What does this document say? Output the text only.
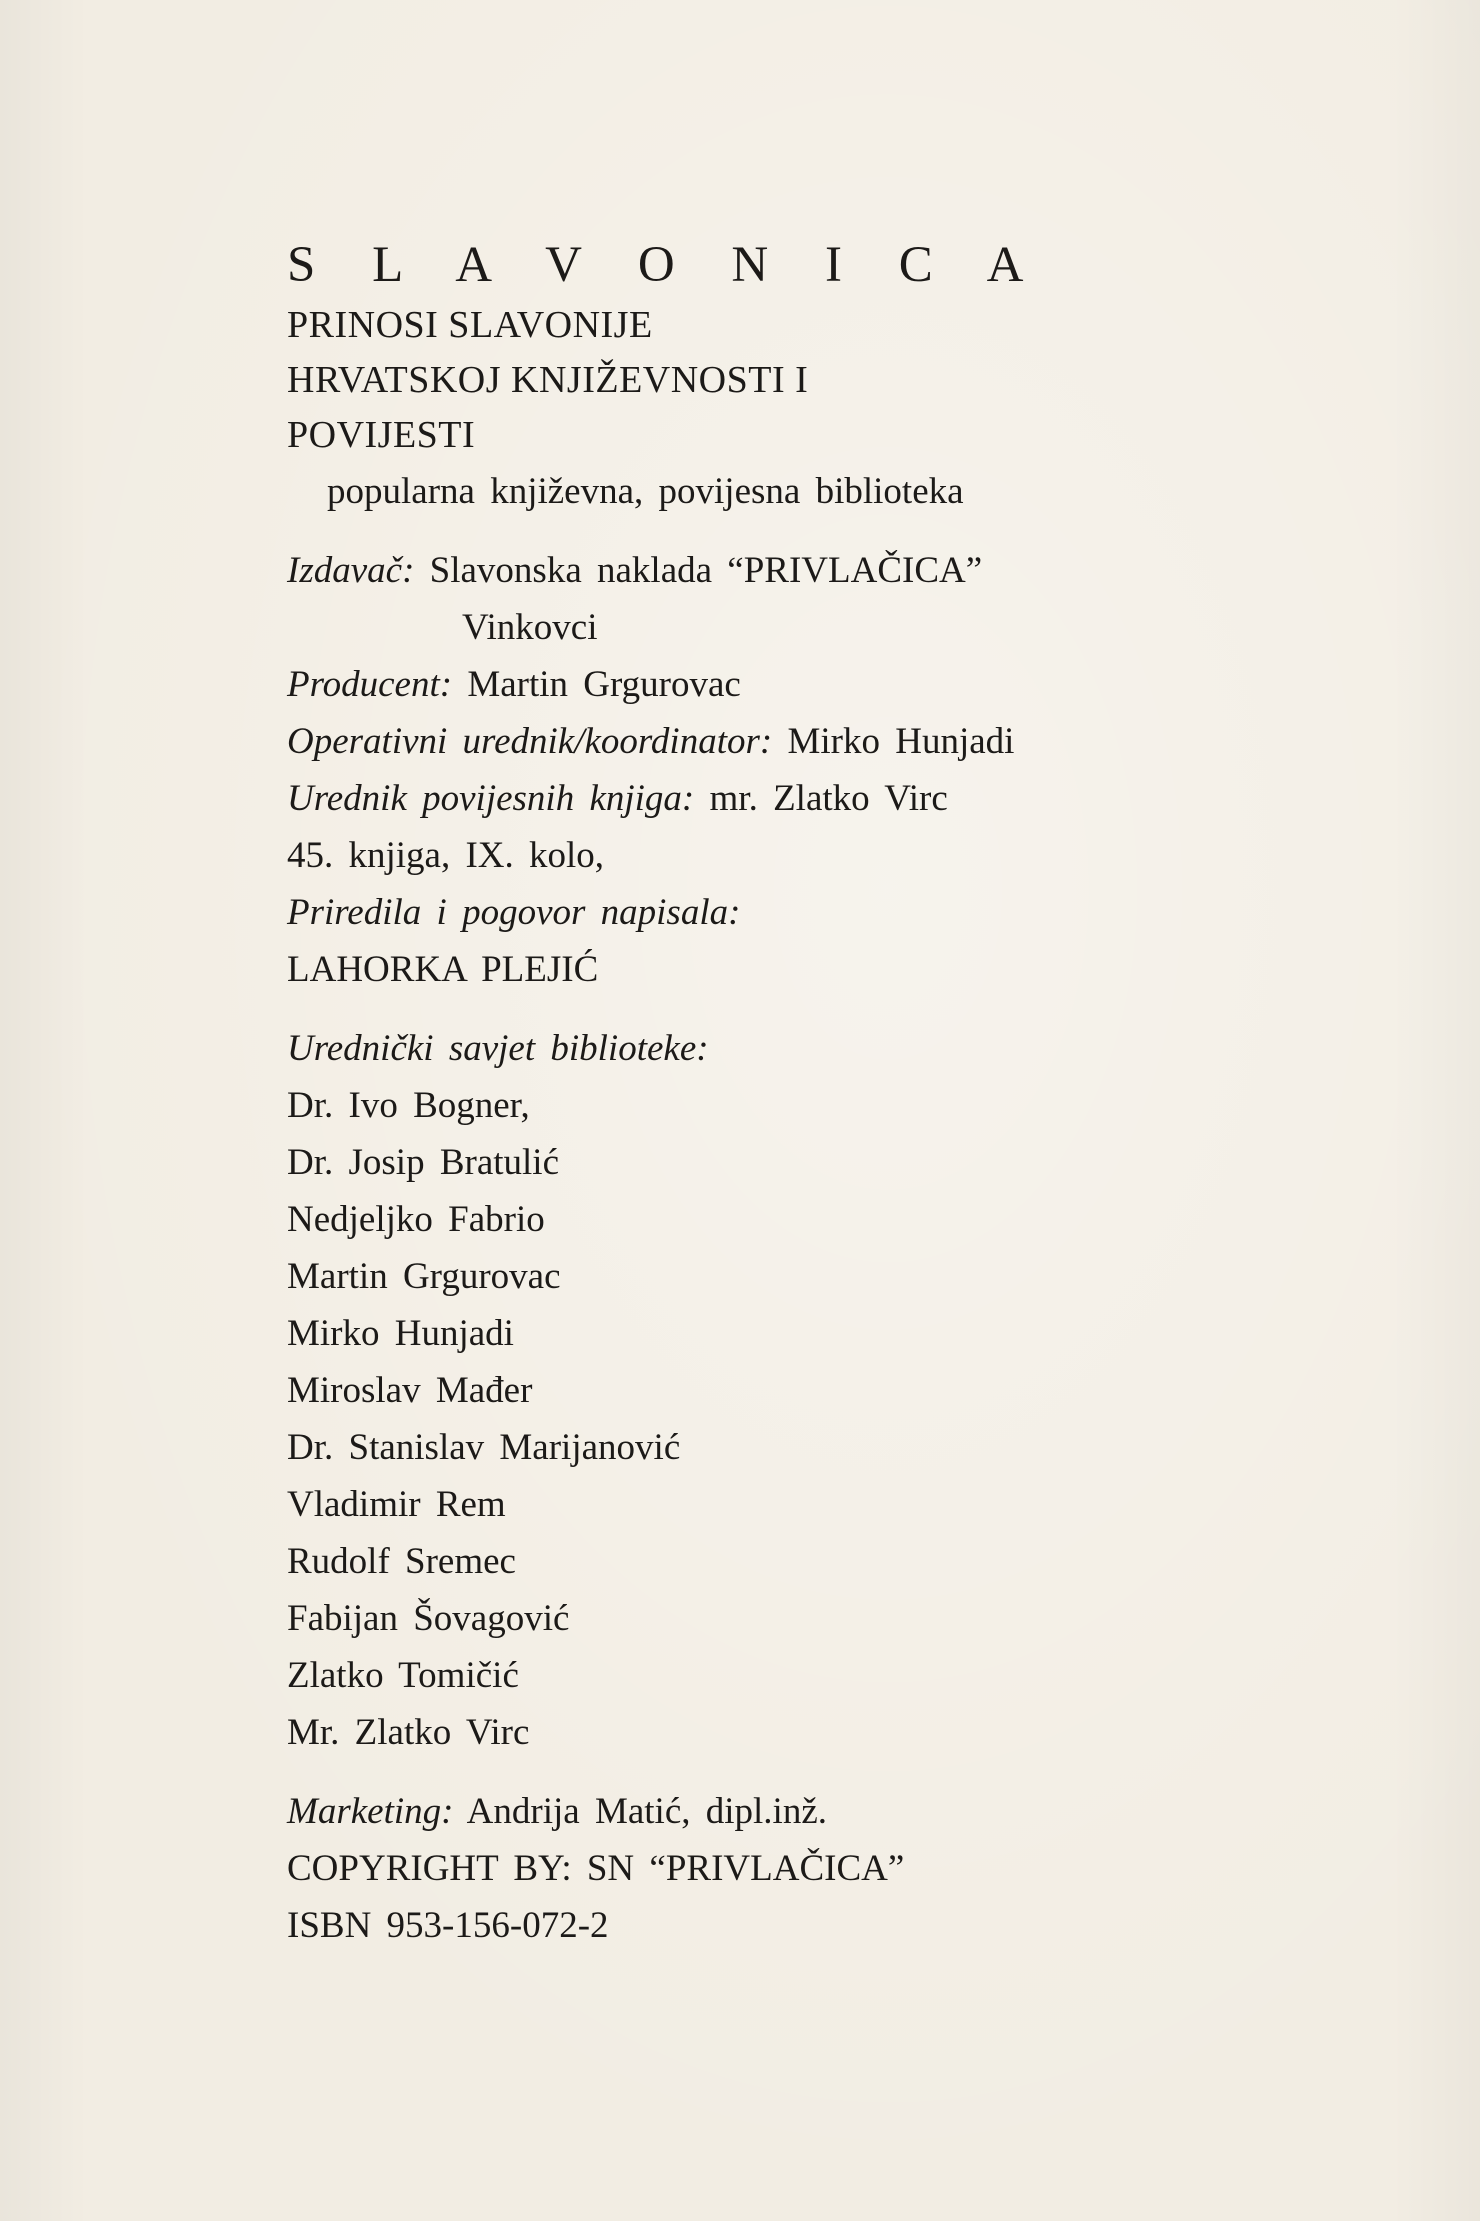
S L A V O N I C A
PRINOSI SLAVONIJE
HRVATSKOJ KNJIŽEVNOSTI I
POVIJESTI
popularna književna, povijesna biblioteka
Izdavač: Slavonska naklada “PRIVLAČICA”
Vinkovci
Producent: Martin Grgurovac
Operativni urednik/koordinator: Mirko Hunjadi
Urednik povijesnih knjiga: mr. Zlatko Virc
45. knjiga, IX. kolo,
Priredila i pogovor napisala:
LAHORKA PLEJIĆ
Urednički savjet biblioteke:
Dr. Ivo Bogner,
Dr. Josip Bratulić
Nedjeljko Fabrio
Martin Grgurovac
Mirko Hunjadi
Miroslav Mađer
Dr. Stanislav Marijanović
Vladimir Rem
Rudolf Sremec
Fabijan Šovagović
Zlatko Tomičić
Mr. Zlatko Virc
Marketing: Andrija Matić, dipl.inž.
COPYRIGHT BY: SN “PRIVLAČICA”
ISBN 953-156-072-2
